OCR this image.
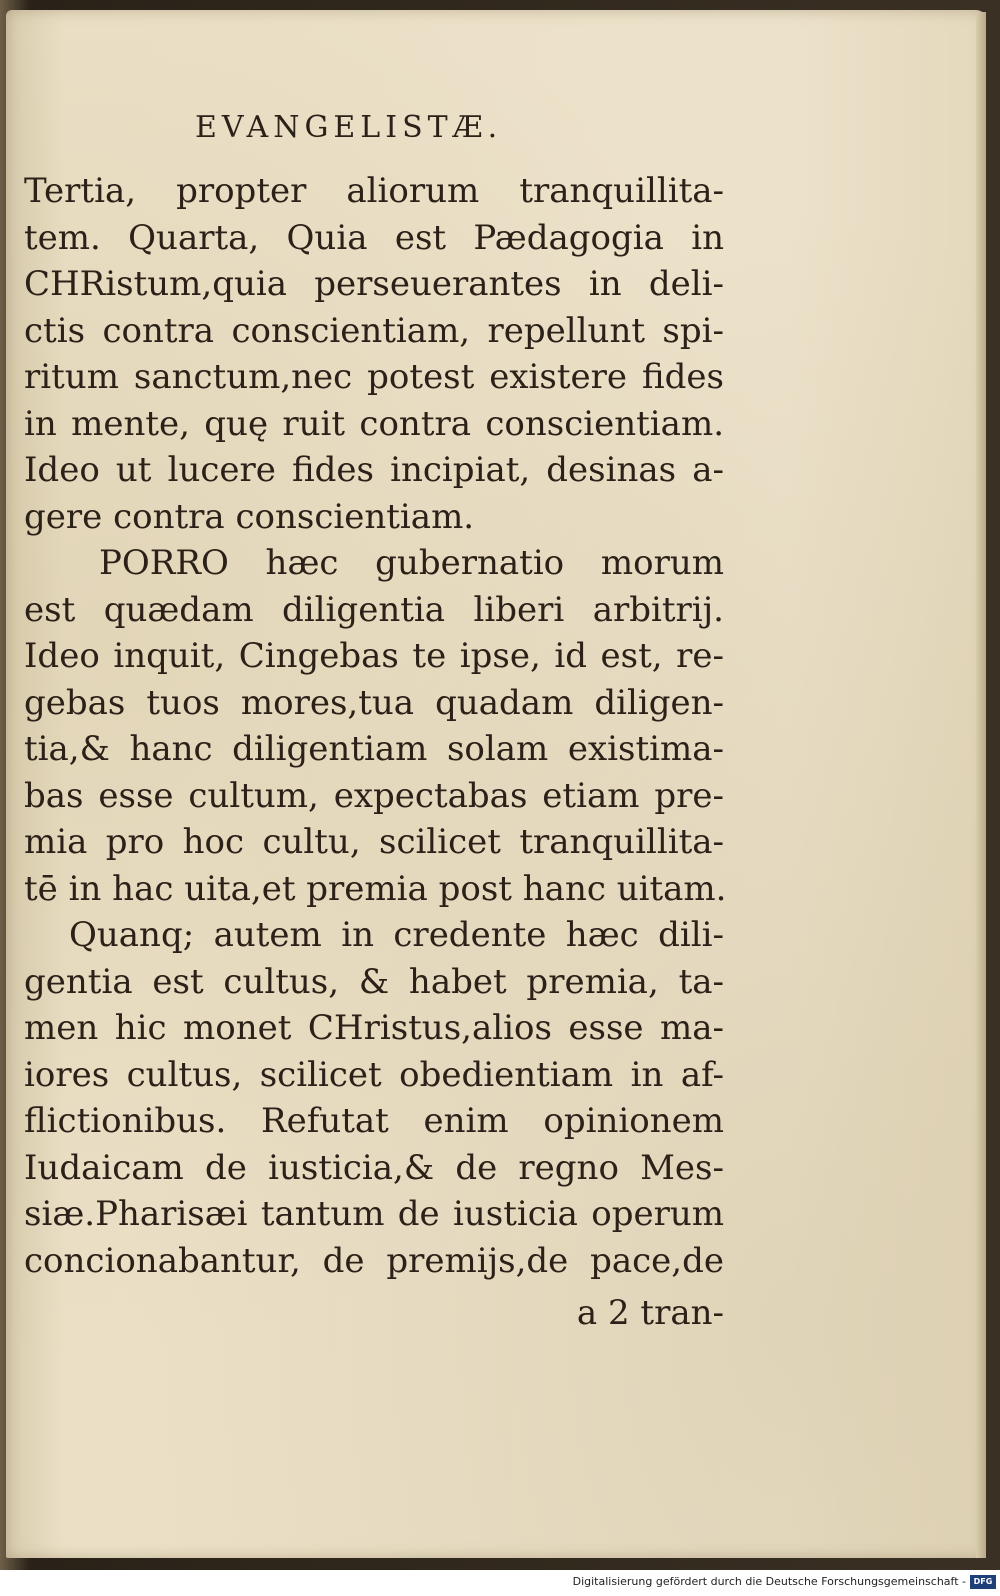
EVANGELISTÆ.
Tertia, propter aliorum tranquillita-
tem. Quarta, Quia est Pædagogia in
CHRistum,quia perseuerantes in deli-
ctis contra conscientiam, repellunt spi-
ritum sanctum,nec potest existere fides
in mente, quę ruit contra conscientiam.
Ideo ut lucere fides incipiat, desinas a-
gere contra conscientiam.
PORRO hæc gubernatio morum
est quædam diligentia liberi arbitrij.
Ideo inquit, Cingebas te ipse, id est, re-
gebas tuos mores,tua quadam diligen-
tia,& hanc diligentiam solam existima-
bas esse cultum, expectabas etiam pre-
mia pro hoc cultu, scilicet tranquillita-
tē in hac uita,et premia post hanc uitam.
Quanq; autem in credente hæc dili-
gentia est cultus, & habet premia, ta-
men hic monet CHristus,alios esse ma-
iores cultus, scilicet obedientiam in af-
flictionibus. Refutat enim opinionem
Iudaicam de iusticia,& de regno Mes-
siæ.Pharisæi tantum de iusticia operum
concionabantur, de premijs,de pace,de
a 2 tran-
Digitalisierung gefördert durch die Deutsche Forschungsgemeinschaft - DFG
